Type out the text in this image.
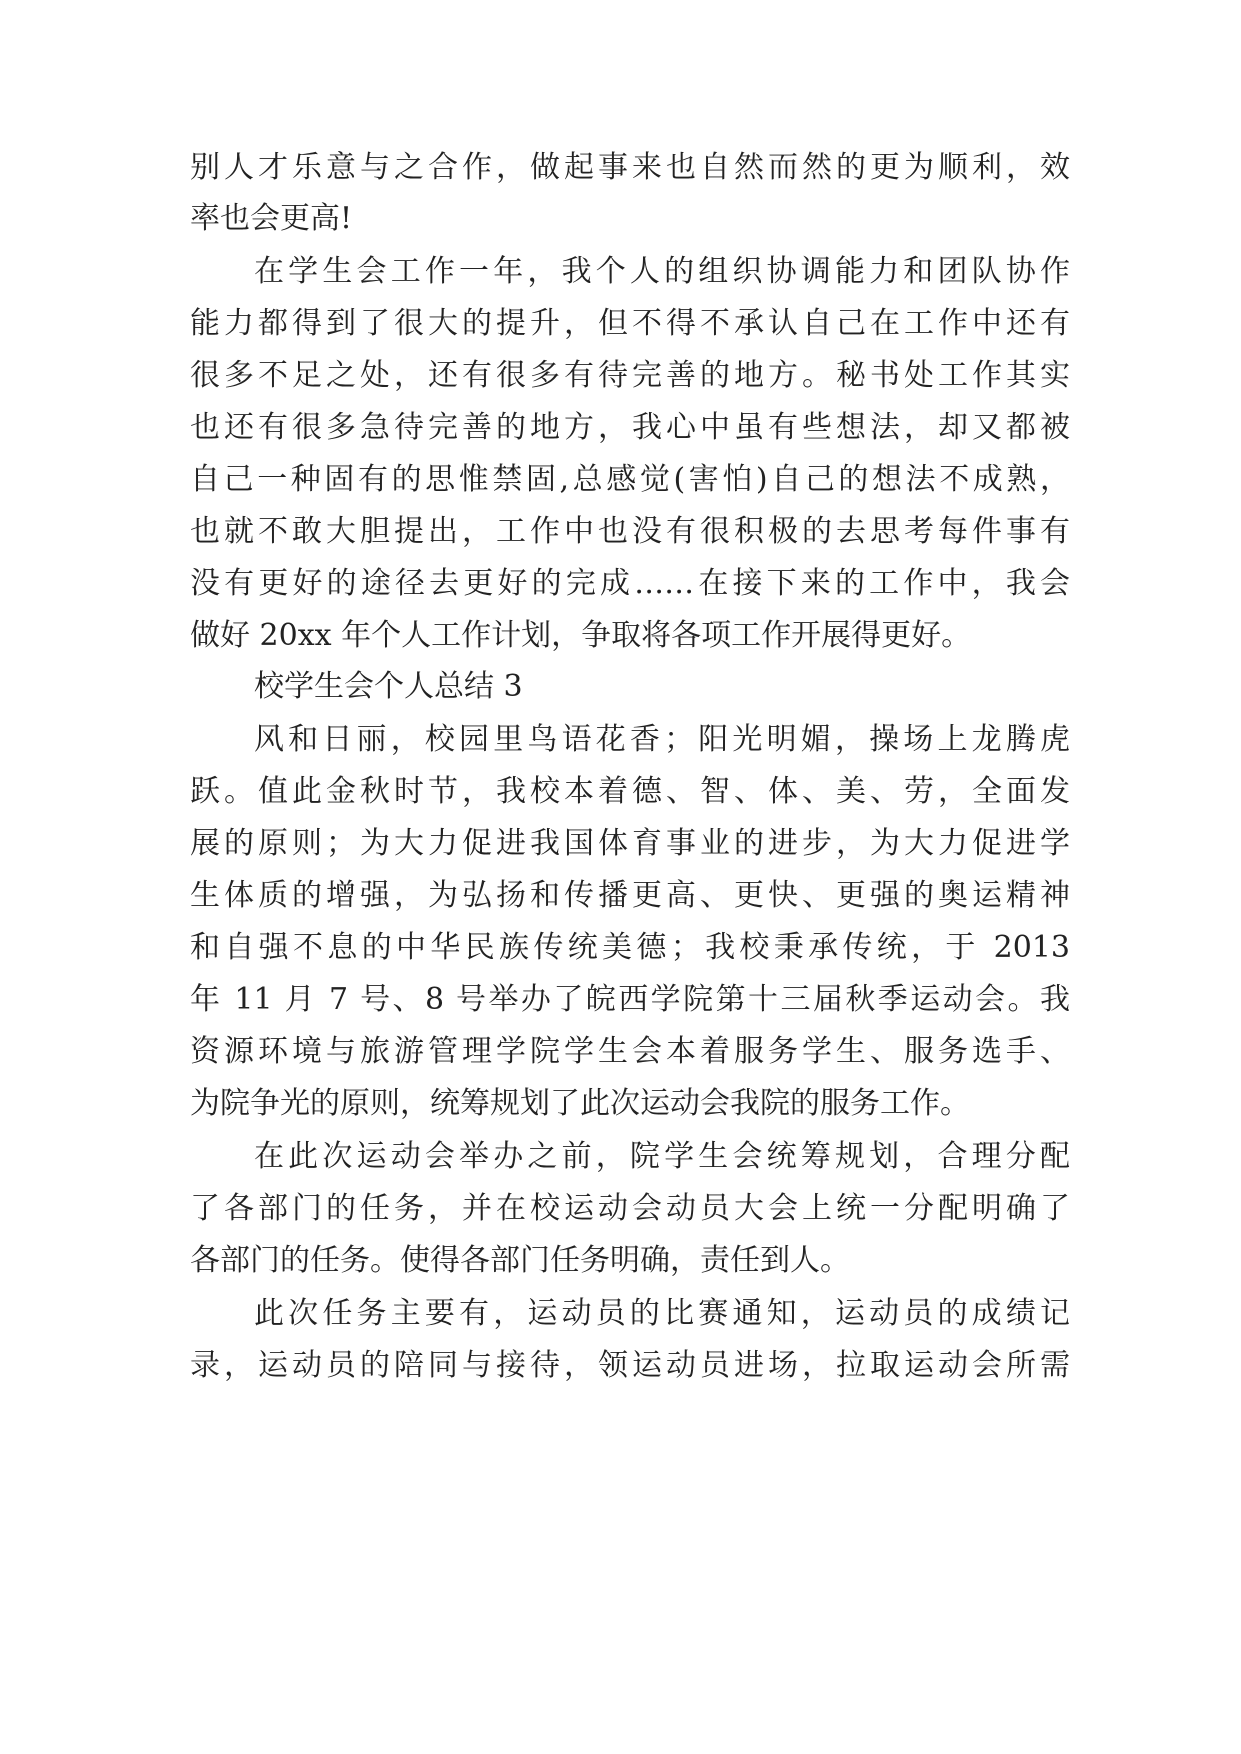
别人才乐意与之合作，做起事来也自然而然的更为顺利，效
率也会更高!
在学生会工作一年，我个人的组织协调能力和团队协作
能力都得到了很大的提升，但不得不承认自己在工作中还有
很多不足之处，还有很多有待完善的地方。秘书处工作其实
也还有很多急待完善的地方，我心中虽有些想法，却又都被
自己一种固有的思惟禁固,总感觉(害怕)自己的想法不成熟，
也就不敢大胆提出，工作中也没有很积极的去思考每件事有
没有更好的途径去更好的完成……在接下来的工作中，我会
做好 20xx 年个人工作计划，争取将各项工作开展得更好。
校学生会个人总结 3
风和日丽，校园里鸟语花香；阳光明媚，操场上龙腾虎
跃。值此金秋时节，我校本着德、智、体、美、劳，全面发
展的原则；为大力促进我国体育事业的进步，为大力促进学
生体质的增强，为弘扬和传播更高、更快、更强的奥运精神
和自强不息的中华民族传统美德；我校秉承传统，于 2013
年 11 月 7 号、8 号举办了皖西学院第十三届秋季运动会。我
资源环境与旅游管理学院学生会本着服务学生、服务选手、
为院争光的原则，统筹规划了此次运动会我院的服务工作。
在此次运动会举办之前，院学生会统筹规划，合理分配
了各部门的任务，并在校运动会动员大会上统一分配明确了
各部门的任务。使得各部门任务明确，责任到人。
此次任务主要有，运动员的比赛通知，运动员的成绩记
录，运动员的陪同与接待，领运动员进场，拉取运动会所需
